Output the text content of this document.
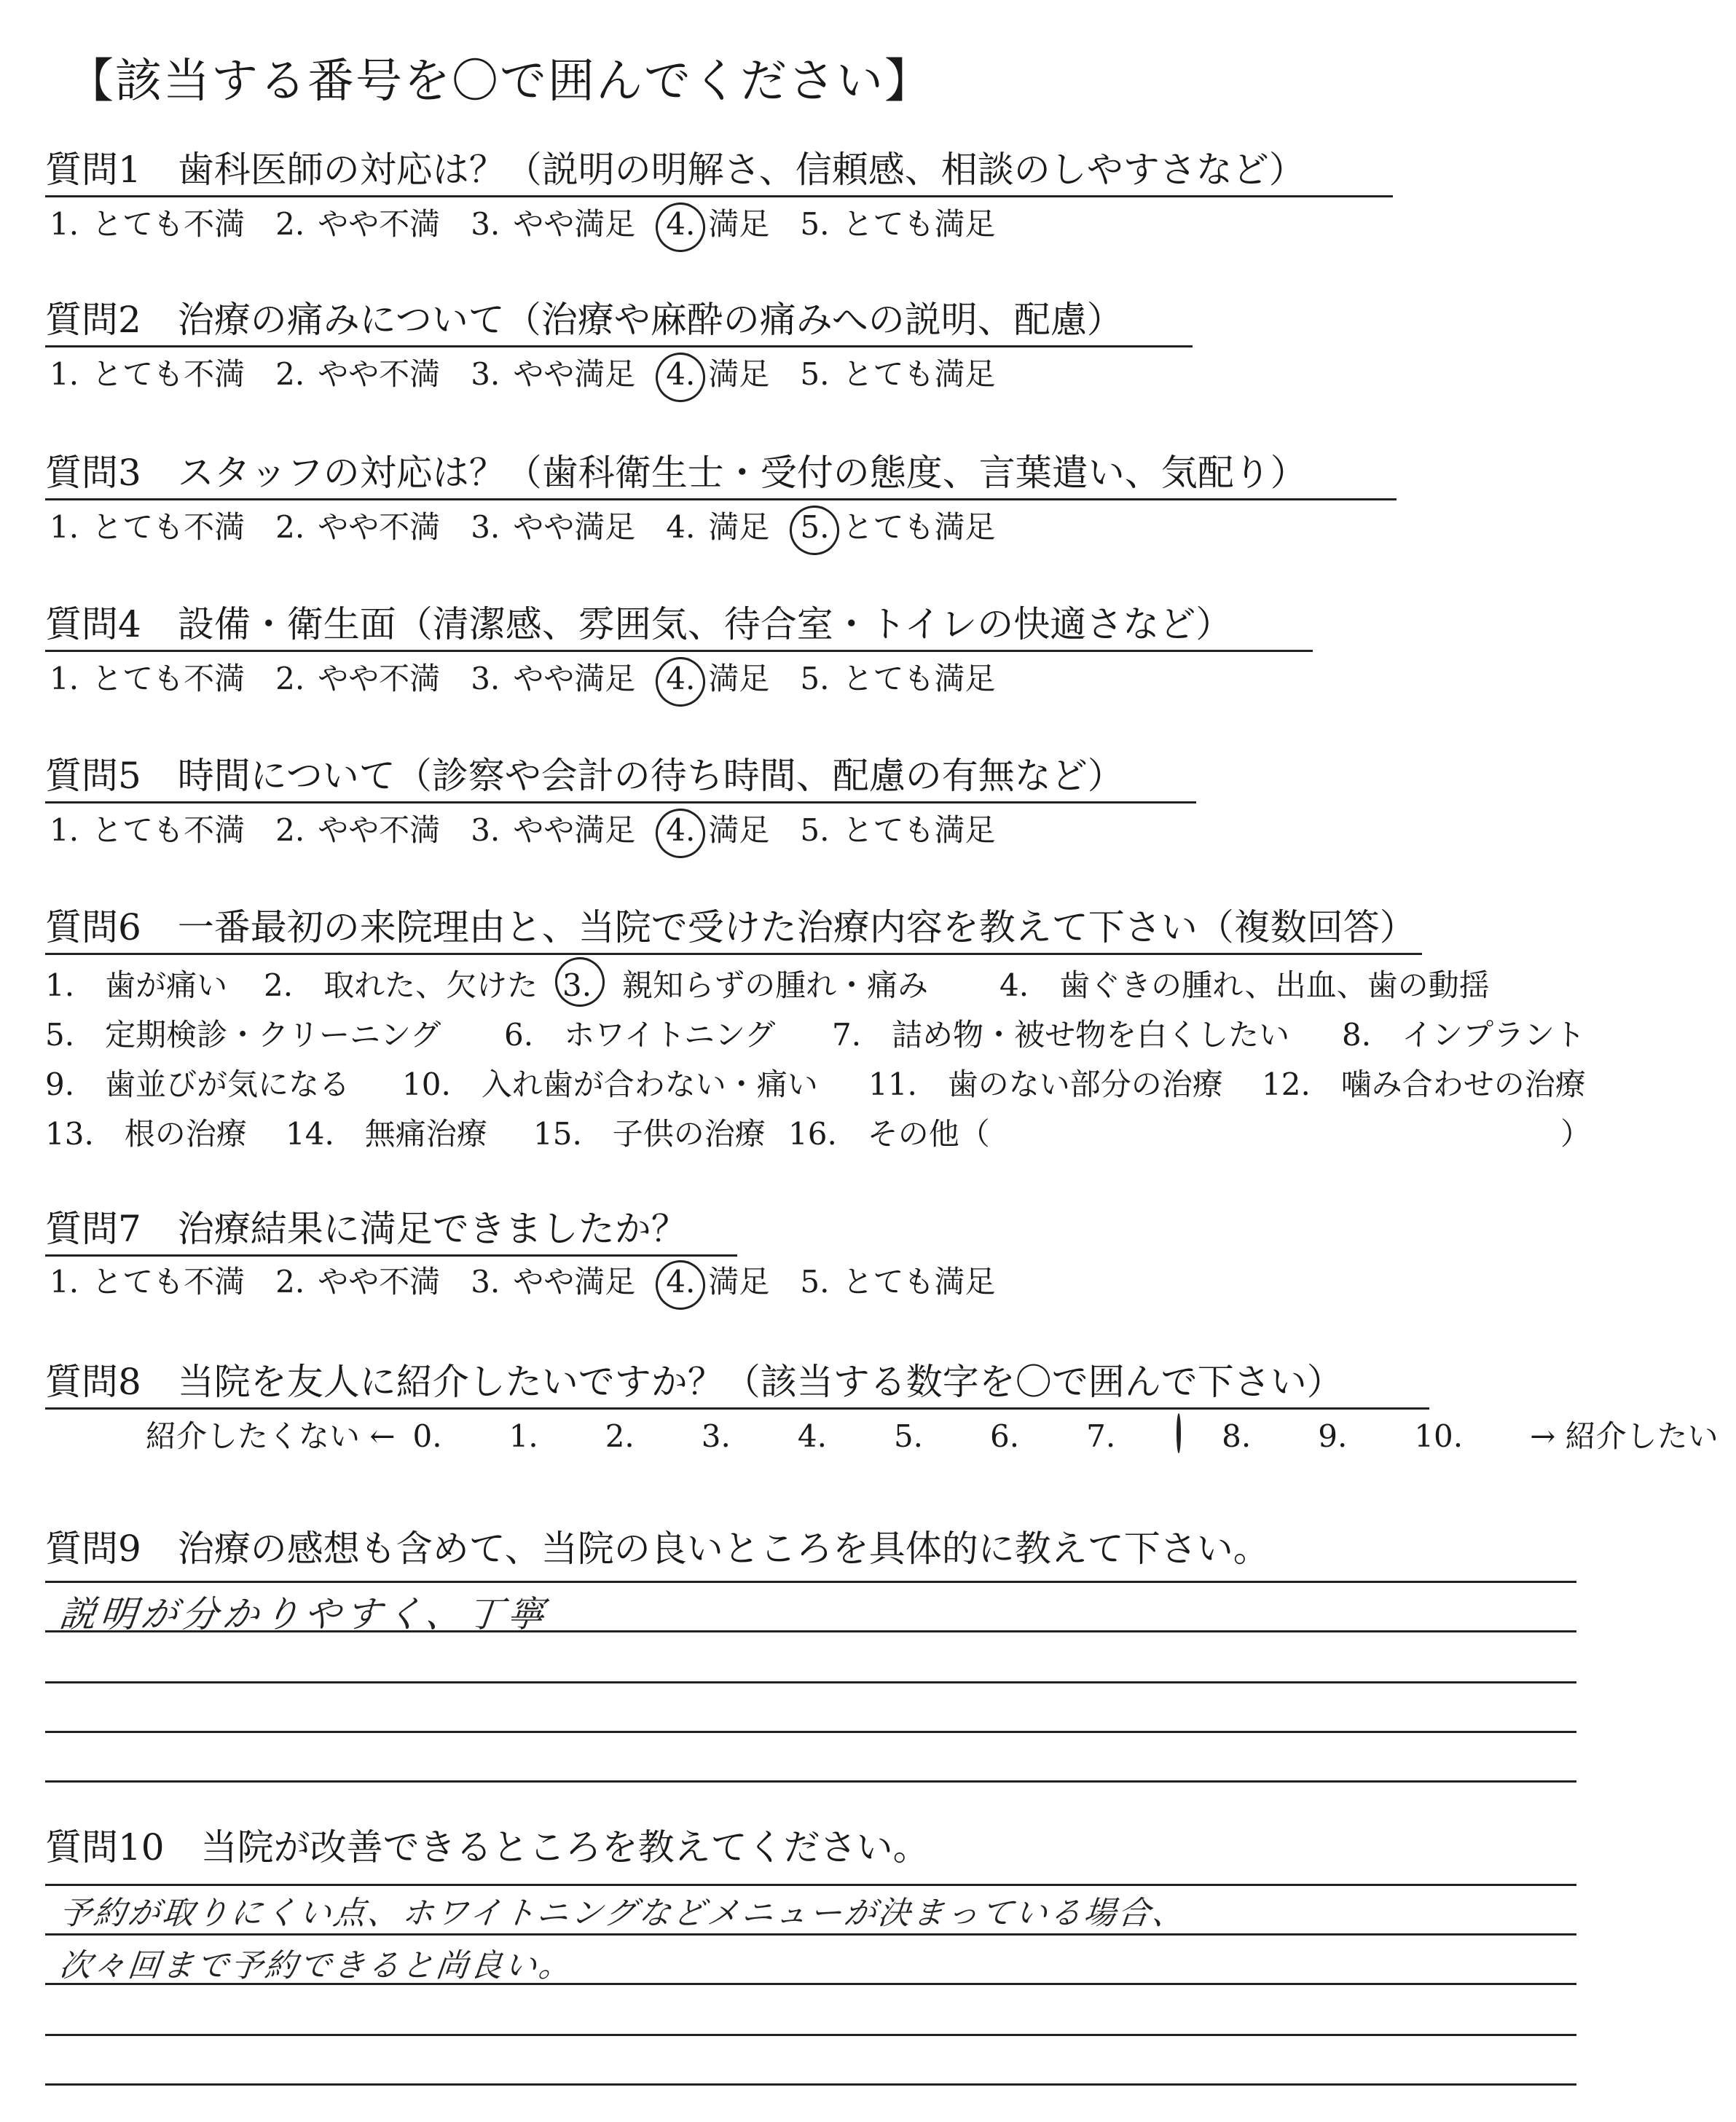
【該当する番号を〇で囲んでください】
質問1　歯科医師の対応は？（説明の明解さ、信頼感、相談のしやすさなど）
1. とても不満 2. やや不満 3. やや満足 4. 満足 5. とても満足
質問2　治療の痛みについて（治療や麻酔の痛みへの説明、配慮）
1. とても不満 2. やや不満 3. やや満足 4. 満足 5. とても満足
質問3　スタッフの対応は？（歯科衛生士・受付の態度、言葉遣い、気配り）
1. とても不満 2. やや不満 3. やや満足 4. 満足 5. とても満足
質問4　設備・衛生面（清潔感、雰囲気、待合室・トイレの快適さなど）
1. とても不満 2. やや不満 3. やや満足 4. 満足 5. とても満足
質問5　時間について（診察や会計の待ち時間、配慮の有無など）
1. とても不満 2. やや不満 3. やや満足 4. 満足 5. とても満足
質問6　一番最初の来院理由と、当院で受けた治療内容を教えて下さい（複数回答）
1.　歯が痛い	2.　取れた、欠けた 3.　親知らずの腫れ・痛み	4.　歯ぐきの腫れ、出血、歯の動揺
5.　定期検診・クリーニング	6.　ホワイトニング	7.　詰め物・被せ物を白くしたい	8.　インプラント
9.　歯並びが気になる	10.　入れ歯が合わない・痛い	11.　歯のない部分の治療	12.　噛み合わせの治療
13.　根の治療	14.　無痛治療	15.　子供の治療 16.　その他（	）
質問7　治療結果に満足できましたか？
1. とても不満 2. やや不満 3. やや満足 4. 満足 5. とても満足
質問8　当院を友人に紹介したいですか？（該当する数字を〇で囲んで下さい）
紹介したくない ← 0.	1.	2.	3.	4.	5.	6.	7.	8.	9.	10.	→ 紹介したい
質問9　治療の感想も含めて、当院の良いところを具体的に教えて下さい。
説明が分かりやすく、丁寧
質問10　当院が改善できるところを教えてください。
予約が取りにくい点、ホワイトニングなどメニューが決まっている場合、
次々回まで予約できると尚良い。
